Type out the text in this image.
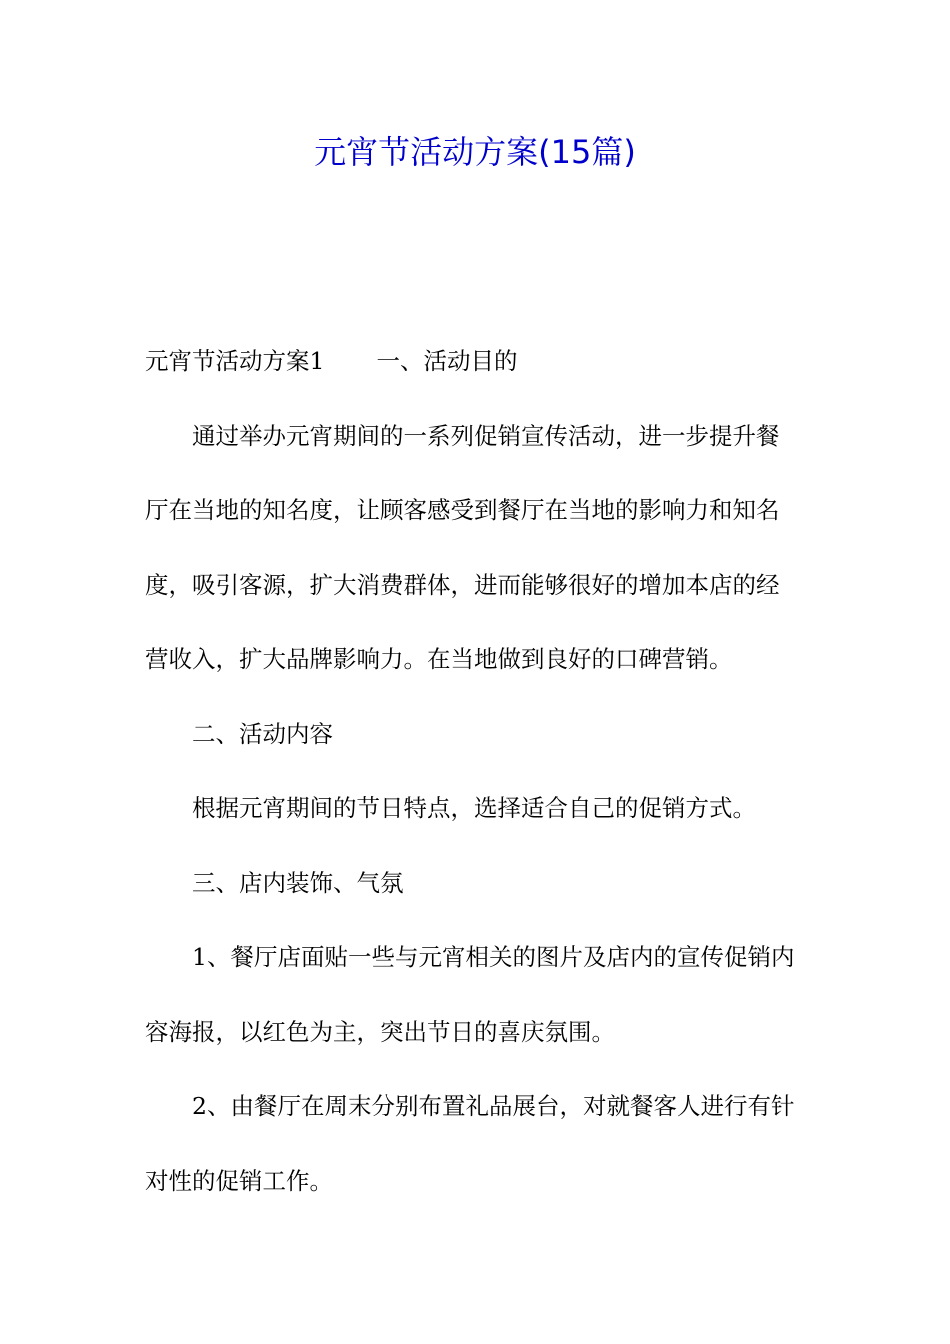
元宵节活动方案(15篇)

元宵节活动方案1 一、活动目的

通过举办元宵期间的一系列促销宣传活动，进一步提升餐

厅在当地的知名度，让顾客感受到餐厅在当地的影响力和知名

度，吸引客源，扩大消费群体，进而能够很好的增加本店的经

营收入，扩大品牌影响力。在当地做到良好的口碑营销。

二、活动内容

根据元宵期间的节日特点，选择适合自己的促销方式。

三、店内装饰、气氛

1、餐厅店面贴一些与元宵相关的图片及店内的宣传促销内

容海报，以红色为主，突出节日的喜庆氛围。

2、由餐厅在周末分别布置礼品展台，对就餐客人进行有针

对性的促销工作。
